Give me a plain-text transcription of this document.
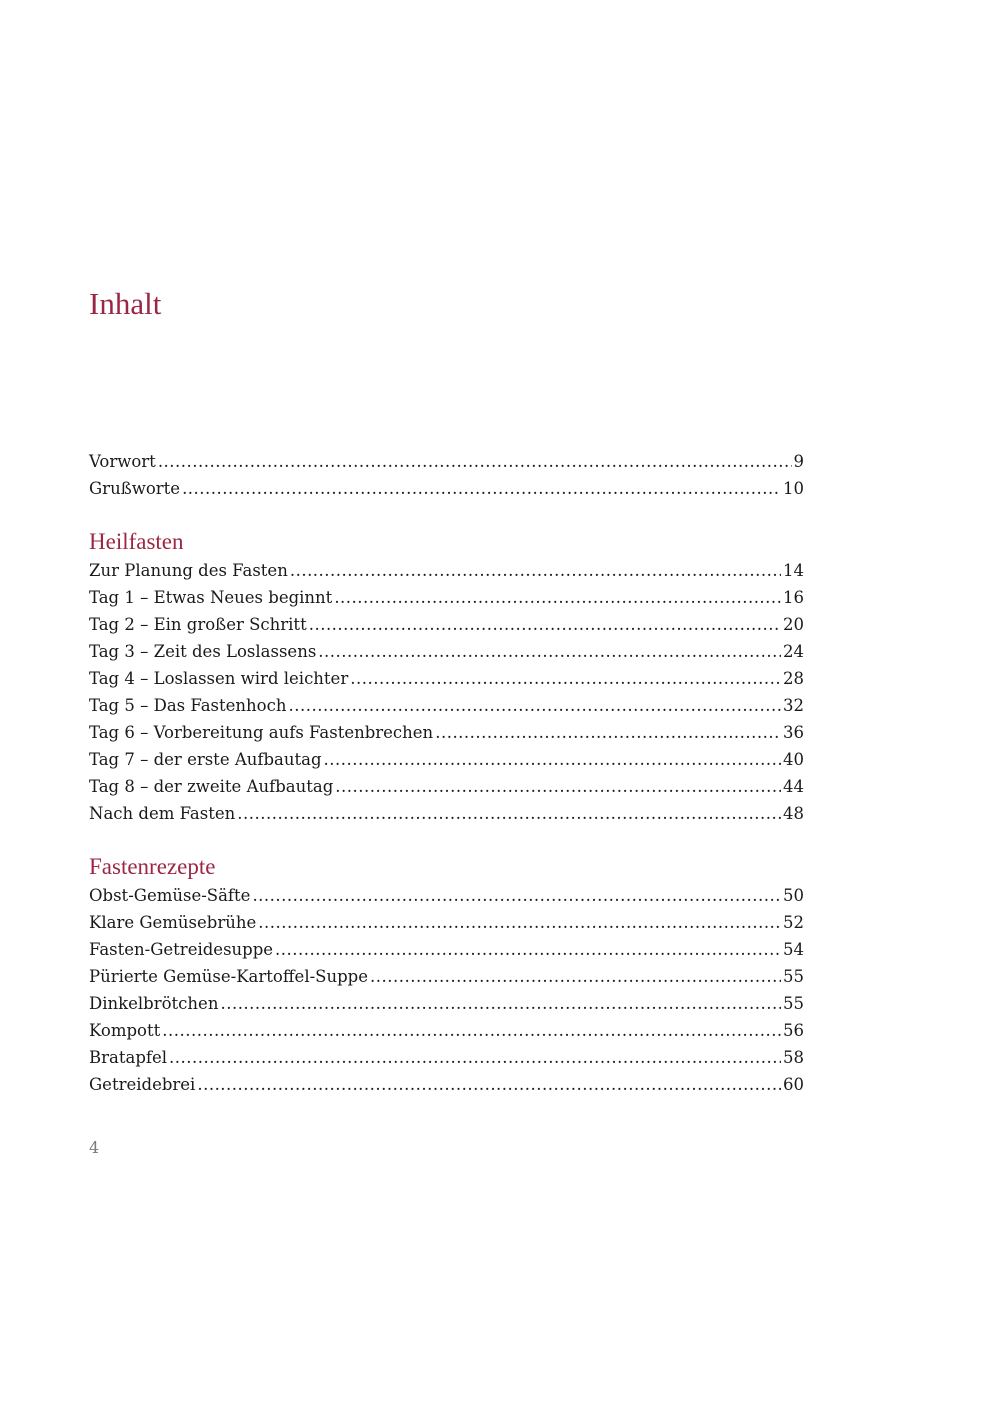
Inhalt
Vorwort .....	9
Grußworte .....	10
Heilfasten
Zur Planung des Fasten .....	14
Tag 1 – Etwas Neues beginnt .....	16
Tag 2 – Ein großer Schritt .....	20
Tag 3 – Zeit des Loslassens .....	24
Tag 4 – Loslassen wird leichter .....	28
Tag 5 – Das Fastenhoch .....	32
Tag 6 – Vorbereitung aufs Fastenbrechen .....	36
Tag 7 – der erste Aufbautag .....	40
Tag 8 – der zweite Aufbautag .....	44
Nach dem Fasten .....	48
Fastenrezepte
Obst-Gemüse-Säfte .....	50
Klare Gemüsebrühe .....	52
Fasten-Getreidesuppe .....	54
Pürierte Gemüse-Kartoffel-Suppe .....	55
Dinkelbrötchen .....	55
Kompott .....	56
Bratapfel .....	58
Getreidebrei .....	60

4
